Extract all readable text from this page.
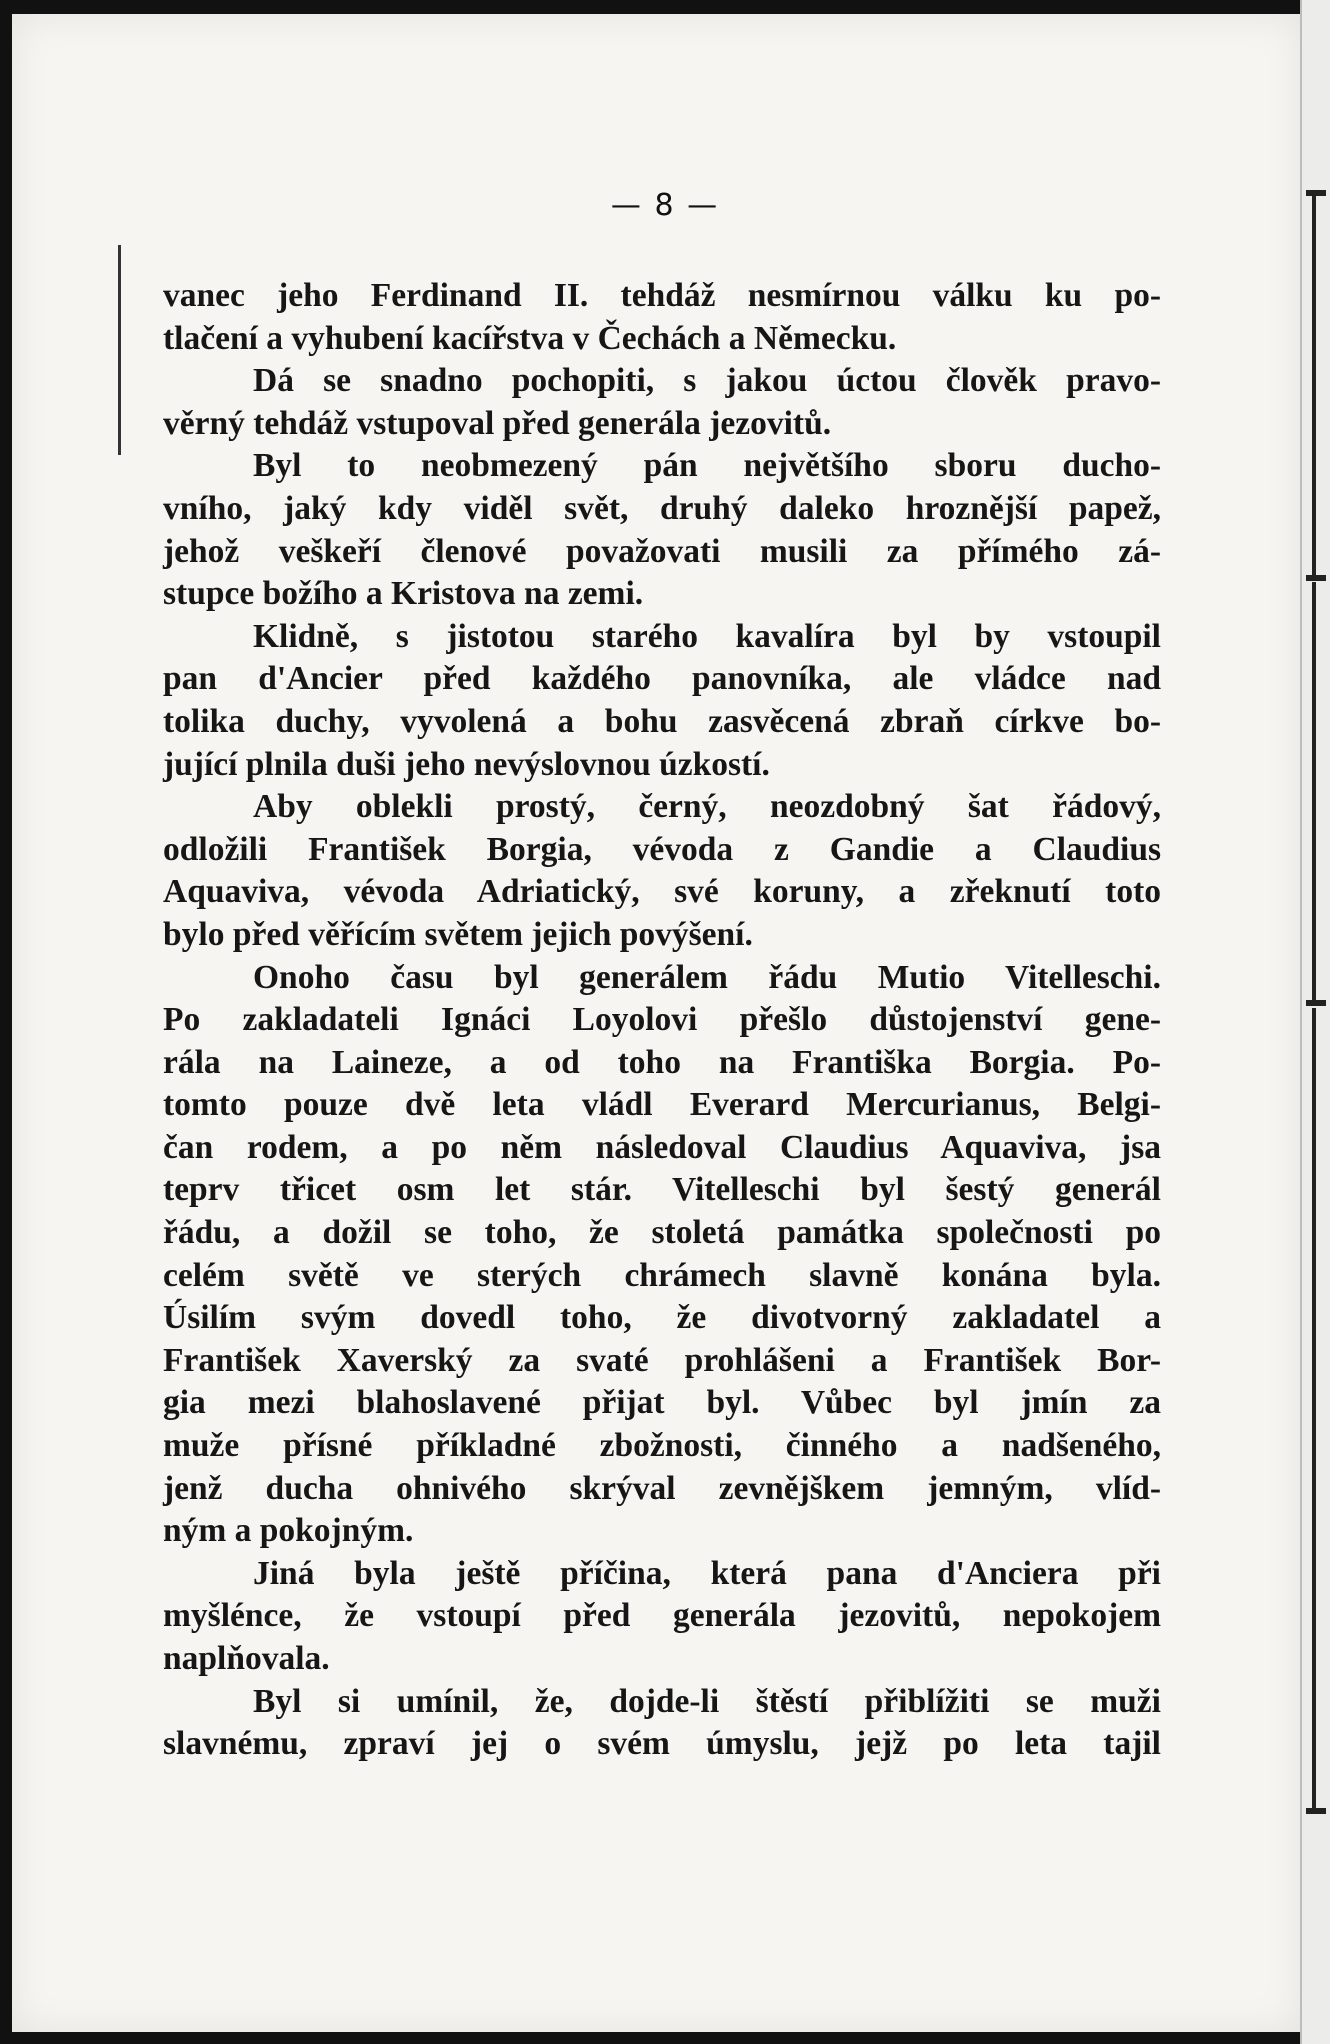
— 8 —
vanec jeho Ferdinand II. tehdáž nesmírnou válku ku po-
tlačení a vyhubení kacířstva v Čechách a Německu.
Dá se snadno pochopiti, s jakou úctou člověk pravo-
věrný tehdáž vstupoval před generála jezovitů.
Byl to neobmezený pán největšího sboru ducho-
vního, jaký kdy viděl svět, druhý daleko hroznější papež,
jehož veškeří členové považovati musili za přímého zá-
stupce božího a Kristova na zemi.
Klidně, s jistotou starého kavalíra byl by vstoupil
pan d'Ancier před každého panovníka, ale vládce nad
tolika duchy, vyvolená a bohu zasvěcená zbraň církve bo-
jující plnila duši jeho nevýslovnou úzkostí.
Aby oblekli prostý, černý, neozdobný šat řádový,
odložili František Borgia, vévoda z Gandie a Claudius
Aquaviva, vévoda Adriatický, své koruny, a zřeknutí toto
bylo před věřícím světem jejich povýšení.
Onoho času byl generálem řádu Mutio Vitelleschi.
Po zakladateli Ignáci Loyolovi přešlo důstojenství gene-
rála na Laineze, a od toho na Františka Borgia. Po-
tomto pouze dvě leta vládl Everard Mercurianus, Belgi-
čan rodem, a po něm následoval Claudius Aquaviva, jsa
teprv třicet osm let stár. Vitelleschi byl šestý generál
řádu, a dožil se toho, že stoletá památka společnosti po
celém světě ve sterých chrámech slavně konána byla.
Úsilím svým dovedl toho, že divotvorný zakladatel a
František Xaverský za svaté prohlášeni a František Bor-
gia mezi blahoslavené přijat byl. Vůbec byl jmín za
muže přísné příkladné zbožnosti, činného a nadšeného,
jenž ducha ohnivého skrýval zevnějškem jemným, vlíd-
ným a pokojným.
Jiná byla ještě příčina, která pana d'Anciera při
myšlénce, že vstoupí před generála jezovitů, nepokojem
naplňovala.
Byl si umínil, že, dojde-li štěstí přiblížiti se muži
slavnému, zpraví jej o svém úmyslu, jejž po leta tajil
